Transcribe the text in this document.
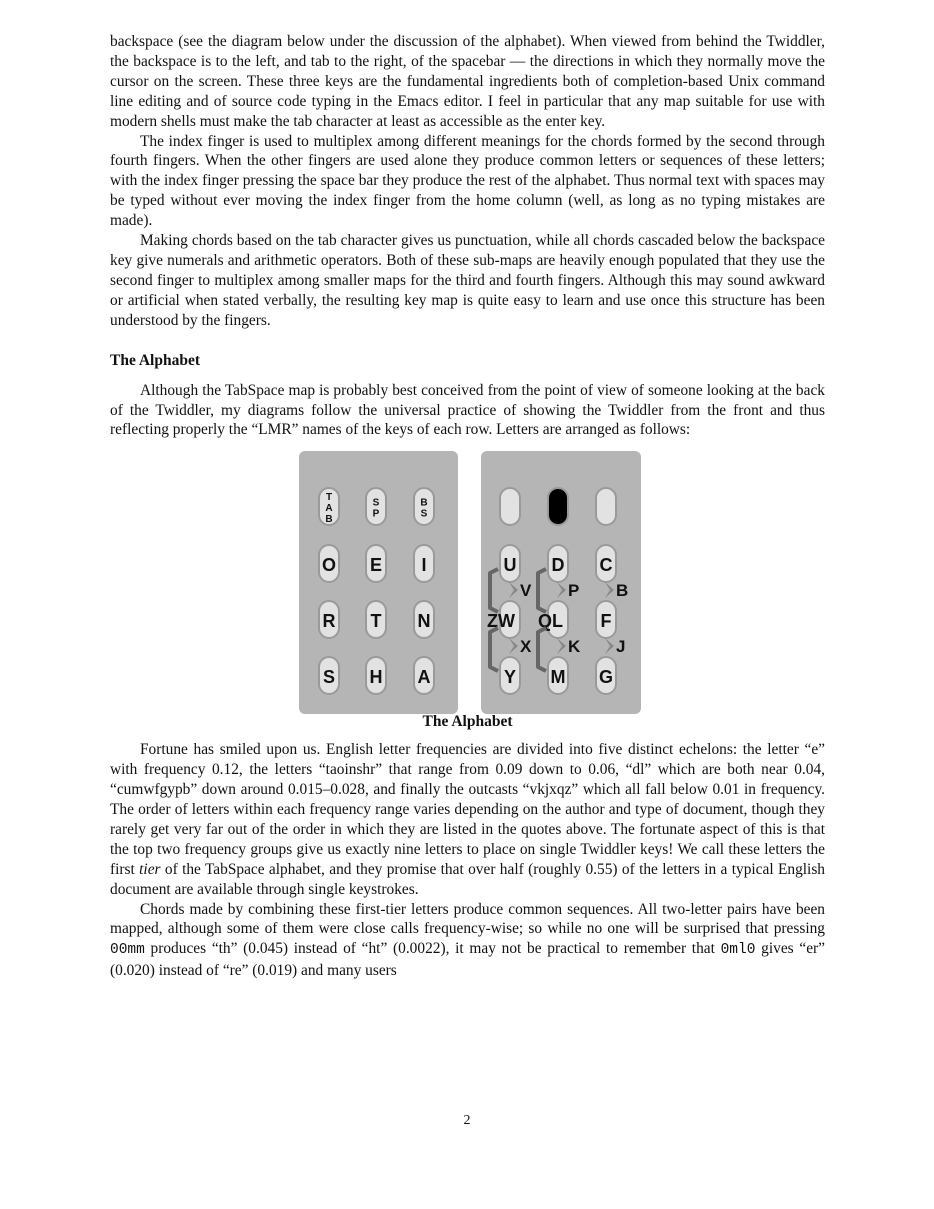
backspace (see the diagram below under the discussion of the alphabet). When viewed from behind the Twiddler, the backspace is to the left, and tab to the right, of the spacebar — the directions in which they normally move the cursor on the screen. These three keys are the fundamental ingredients both of completion-based Unix command line editing and of source code typing in the Emacs editor. I feel in particular that any map suitable for use with modern shells must make the tab character at least as accessible as the enter key.

The index finger is used to multiplex among different meanings for the chords formed by the second through fourth fingers. When the other fingers are used alone they produce common letters or sequences of these letters; with the index finger pressing the space bar they produce the rest of the alphabet. Thus normal text with spaces may be typed without ever moving the index finger from the home column (well, as long as no typing mistakes are made).

Making chords based on the tab character gives us punctuation, while all chords cascaded below the backspace key give numerals and arithmetic operators. Both of these sub-maps are heavily enough populated that they use the second finger to multiplex among smaller maps for the third and fourth fingers. Although this may sound awkward or artificial when stated verbally, the resulting key map is quite easy to learn and use once this structure has been understood by the fingers.

The Alphabet

Although the TabSpace map is probably best conceived from the point of view of someone looking at the back of the Twiddler, my diagrams follow the universal practice of showing the Twiddler from the front and thus reflecting properly the “LMR” names of the keys of each row. Letters are arranged as follows:

T
A
B
S
P
B
S
O E I
R T N
S H A
U D C
ZW QL F
Y M G
V P B
X K J
The Alphabet

Fortune has smiled upon us. English letter frequencies are divided into five distinct echelons: the letter “e” with frequency 0.12, the letters “taoinshr” that range from 0.09 down to 0.06, “dl” which are both near 0.04, “cumwfgypb” down around 0.015–0.028, and finally the outcasts “vkjxqz” which all fall below 0.01 in frequency. The order of letters within each frequency range varies depending on the author and type of document, though they rarely get very far out of the order in which they are listed in the quotes above. The fortunate aspect of this is that the top two frequency groups give us exactly nine letters to place on single Twiddler keys! We call these letters the first tier of the TabSpace alphabet, and they promise that over half (roughly 0.55) of the letters in a typical English document are available through single keystrokes.

Chords made by combining these first-tier letters produce common sequences. All two-letter pairs have been mapped, although some of them were close calls frequency-wise; so while no one will be surprised that pressing 00mm produces “th” (0.045) instead of “ht” (0.0022), it may not be practical to remember that 0ml0 gives “er” (0.020) instead of “re” (0.019) and many users

2
